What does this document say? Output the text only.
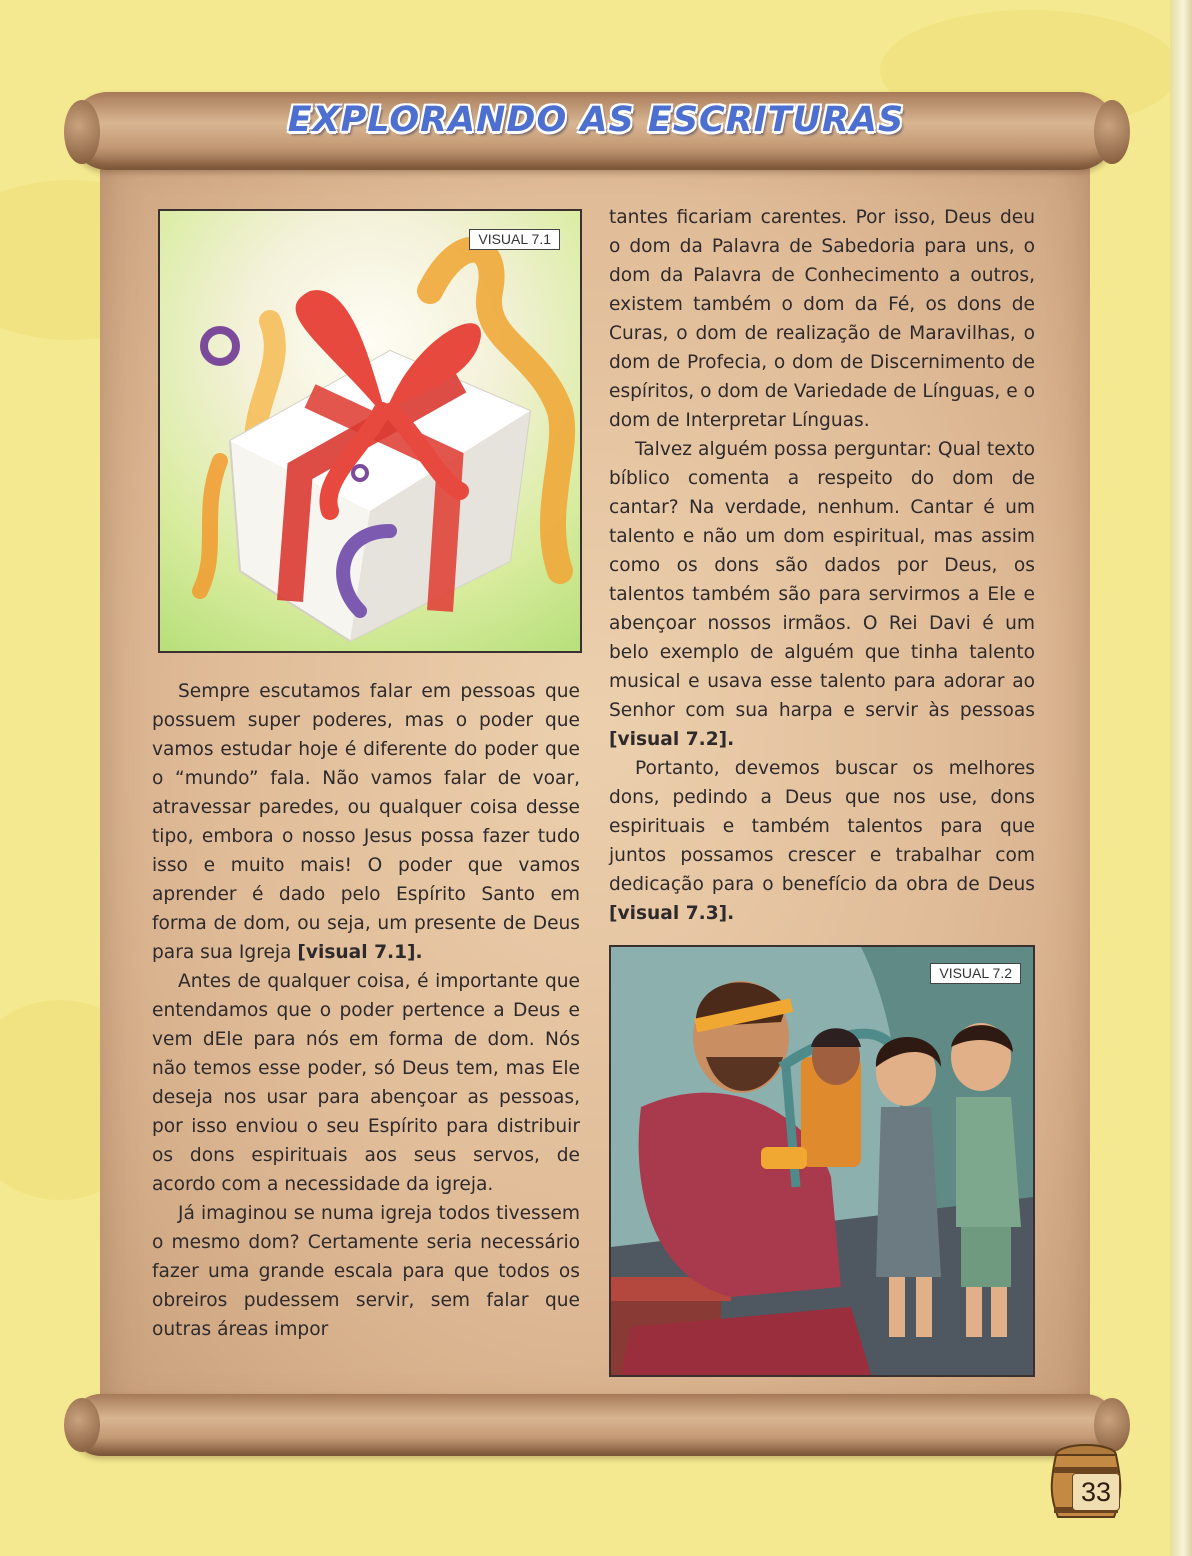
EXPLORANDO AS ESCRITURAS
VISUAL 7.1

Sempre escutamos falar em pessoas que possuem super poderes, mas o poder que vamos estudar hoje é diferente do poder que o “mundo” fala. Não vamos falar de voar, atravessar paredes, ou qualquer coisa desse tipo, embora o nosso Jesus possa fazer tudo isso e muito mais! O poder que vamos aprender é dado pelo Espírito Santo em forma de dom, ou seja, um presente de Deus para sua Igreja [visual 7.1].

Antes de qualquer coisa, é importante que entendamos que o poder pertence a Deus e vem dEle para nós em forma de dom. Nós não temos esse poder, só Deus tem, mas Ele deseja nos usar para abençoar as pessoas, por isso enviou o seu Espírito para distribuir os dons espirituais aos seus servos, de acordo com a necessidade da igreja.

Já imaginou se numa igreja todos tivessem o mesmo dom? Certamente seria necessário fazer uma grande escala para que todos os obreiros pudessem servir, sem falar que outras áreas impor

tantes ficariam carentes. Por isso, Deus deu o dom da Palavra de Sabedoria para uns, o dom da Palavra de Conhecimento a outros, existem também o dom da Fé, os dons de Curas, o dom de realização de Maravilhas, o dom de Profecia, o dom de Discernimento de espíritos, o dom de Variedade de Línguas, e o dom de Interpretar Línguas.

Talvez alguém possa perguntar: Qual texto bíblico comenta a respeito do dom de cantar? Na verdade, nenhum. Cantar é um talento e não um dom espiritual, mas assim como os dons são dados por Deus, os talentos também são para servirmos a Ele e abençoar nossos irmãos. O Rei Davi é um belo exemplo de alguém que tinha talento musical e usava esse talento para adorar ao Senhor com sua harpa e servir às pessoas [visual 7.2].

Portanto, devemos buscar os melhores dons, pedindo a Deus que nos use, dons espirituais e também talentos para que juntos possamos crescer e trabalhar com dedicação para o benefício da obra de Deus [visual 7.3].

VISUAL 7.2
33
